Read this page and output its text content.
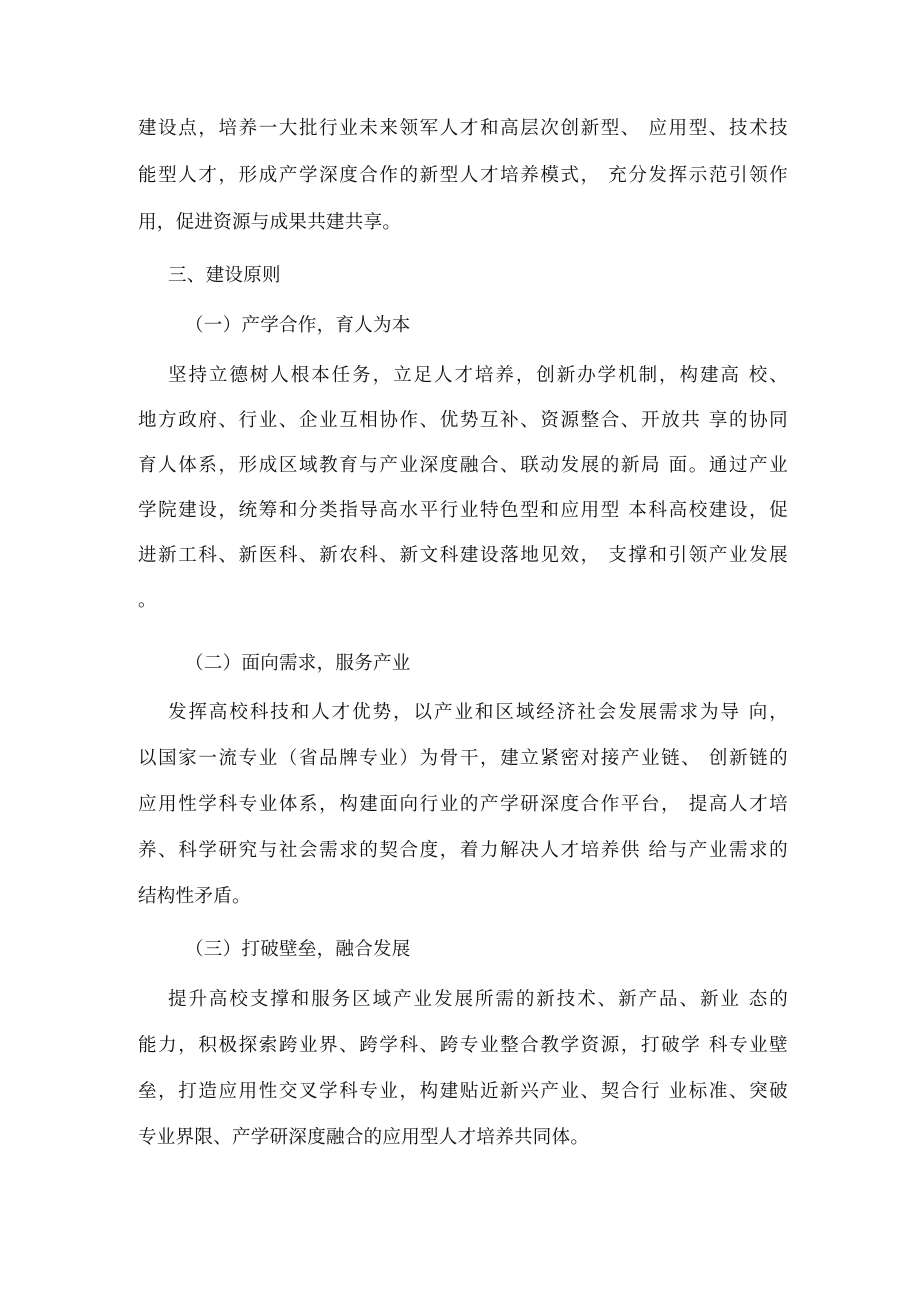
建设点，培养一大批行业未来领军人才和高层次创新型、 应用型、技术技
能型人才，形成产学深度合作的新型人才培养模式， 充分发挥示范引领作
用，促进资源与成果共建共享。
三、建设原则
（一）产学合作，育人为本
坚持立德树人根本任务，立足人才培养，创新办学机制，构建高 校、
地方政府、行业、企业互相协作、优势互补、资源整合、开放共 享的协同
育人体系，形成区域教育与产业深度融合、联动发展的新局 面。通过产业
学院建设，统筹和分类指导高水平行业特色型和应用型 本科高校建设，促
进新工科、新医科、新农科、新文科建设落地见效， 支撑和引领产业发展
。
（二）面向需求，服务产业
发挥高校科技和人才优势，以产业和区域经济社会发展需求为导 向，
以国家一流专业（省品牌专业）为骨干，建立紧密对接产业链、 创新链的
应用性学科专业体系，构建面向行业的产学研深度合作平台， 提高人才培
养、科学研究与社会需求的契合度，着力解决人才培养供 给与产业需求的
结构性矛盾。
（三）打破壁垒，融合发展
提升高校支撑和服务区域产业发展所需的新技术、新产品、新业 态的
能力，积极探索跨业界、跨学科、跨专业整合教学资源，打破学 科专业壁
垒，打造应用性交叉学科专业，构建贴近新兴产业、契合行 业标准、突破
专业界限、产学研深度融合的应用型人才培养共同体。
